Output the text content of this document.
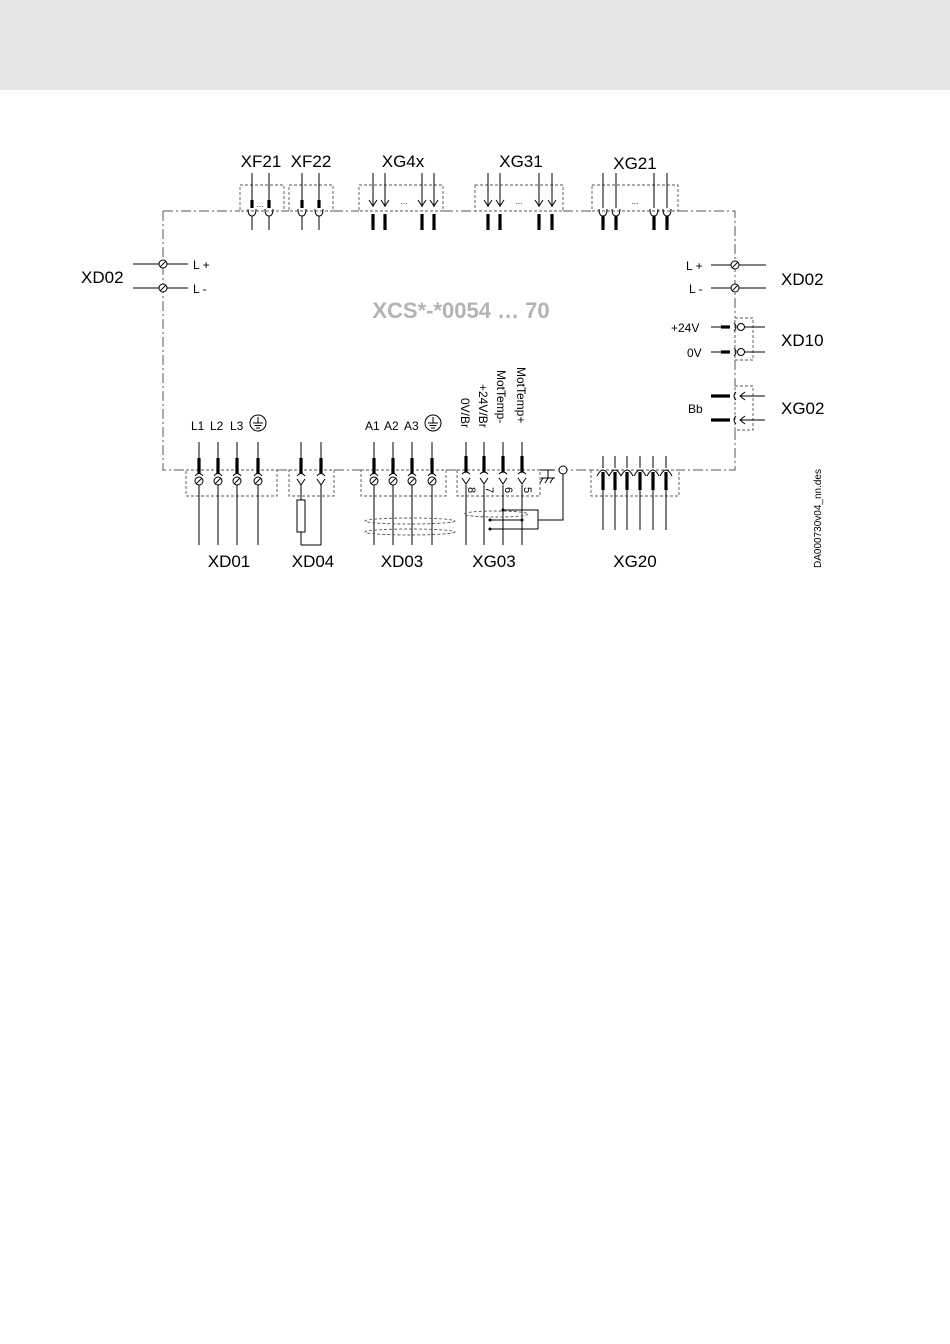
XCS*-*0054 … 70
XF21
...
XF22	XG4x
...
XG31
...
XG21
...
XD02
L +
L -	XD02
L +
L -
XD10
+24V
0V
XG02
Bb
XD01
L1 L2 L3
XD04	XD03
A1 A2 A3
XG03
0V/Br +24V/Br MotTemp- MotTemp+
8 7 6 5
XG20	DA000730v04_nn.des
